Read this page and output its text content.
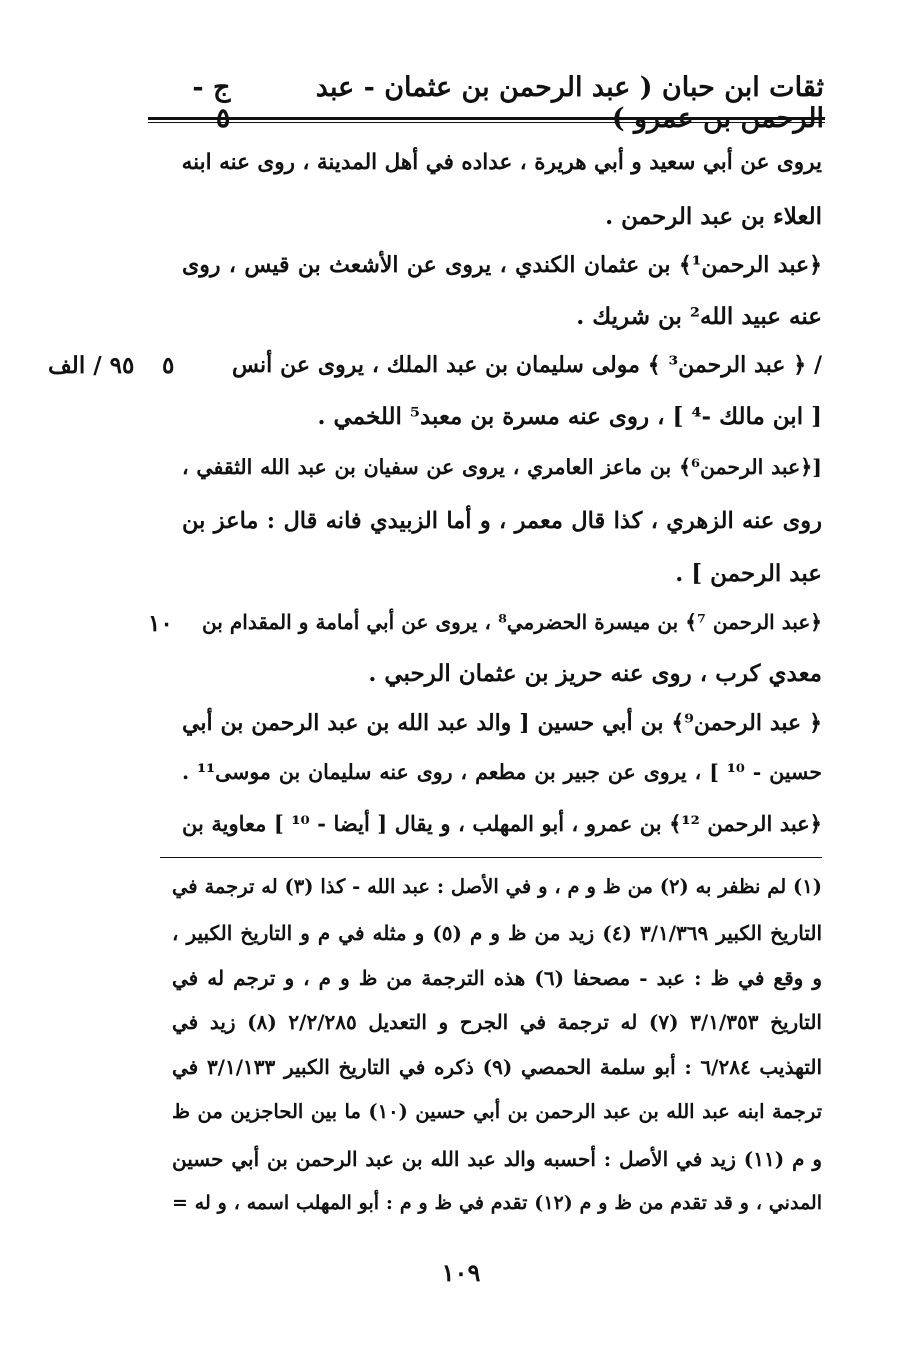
ج - ٥
ثقات ابن حبان ( عبد الرحمن بن عثمان - عبد الرحمن بن عمرو )
يروى عن أبي سعيد و أبي هريرة ، عداده في أهل المدينة ، روى عنه ابنه
العلاء بن عبد الرحمن .
﴿عبد الرحمن¹﴾ بن عثمان الكندي ، يروى عن الأشعث بن قيس ، روى
عنه عبيد الله² بن شريك .
/ ﴿ عبد الرحمن³ ﴾ مولى سليمان بن عبد الملك ، يروى عن أنس
[ ابن مالك -⁴ ] ، روى عنه مسرة بن معبد⁵ اللخمي .
[﴿عبد الرحمن⁶﴾ بن ماعز العامري ، يروى عن سفيان بن عبد الله الثقفي ،
روى عنه الزهري ، كذا قال معمر ، و أما الزبيدي فانه قال : ماعز بن
عبد الرحمن ] .
﴿عبد الرحمن ⁷﴾ بن ميسرة الحضرمي⁸ ، يروى عن أبي أمامة و المقدام بن
معدي كرب ، روى عنه حريز بن عثمان الرحبي .
﴿ عبد الرحمن⁹﴾ بن أبي حسين [ والد عبد الله بن عبد الرحمن بن أبي
حسين - ¹⁰ ] ، يروى عن جبير بن مطعم ، روى عنه سليمان بن موسى¹¹ .
﴿عبد الرحمن ¹²﴾ بن عمرو ، أبو المهلب ، و يقال [ أيضا - ¹⁰ ] معاوية بن
٥
٩٥ / الف
١٠
(١) لم نظفر به (٢) من ظ و م ، و في الأصل : عبد الله - كذا (٣) له ترجمة في
التاريخ الكبير ٣/١/٣٦٩ (٤) زيد من ظ و م (٥) و مثله في م و التاريخ الكبير ،
و وقع في ظ : عبد - مصحفا (٦) هذه الترجمة من ظ و م ، و ترجم له في
التاريخ ٣/١/٣٥٣ (٧) له ترجمة في الجرح و التعديل ٢/٢/٢٨٥ (٨) زيد في
التهذيب ٦/٢٨٤ : أبو سلمة الحمصي (٩) ذكره في التاريخ الكبير ٣/١/١٣٣ في
ترجمة ابنه عبد الله بن عبد الرحمن بن أبي حسين (١٠) ما بين الحاجزين من ظ
و م (١١) زيد في الأصل : أحسبه والد عبد الله بن عبد الرحمن بن أبي حسين
المدني ، و قد تقدم من ظ و م (١٢) تقدم في ظ و م : أبو المهلب اسمه ، و له =
١٠٩
